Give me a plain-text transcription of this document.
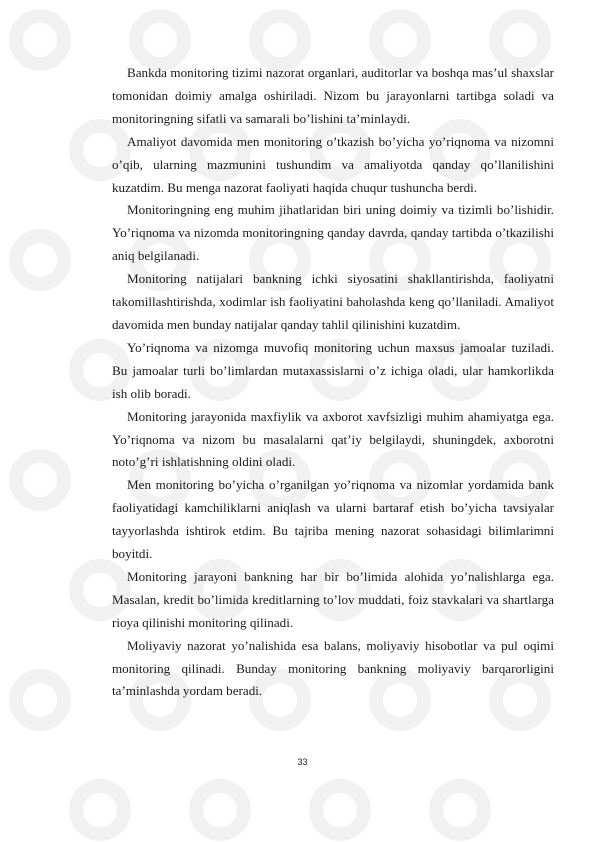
Bankda monitoring tizimi nazorat organlari, auditorlar va boshqa mas’ul shaxslar tomonidan doimiy amalga oshiriladi. Nizom bu jarayonlarni tartibga soladi va monitoringning sifatli va samarali bo’lishini ta’minlaydi.

Amaliyot davomida men monitoring o’tkazish bo’yicha yo’riqnoma va nizomni o’qib, ularning mazmunini tushundim va amaliyotda qanday qo’llanilishini kuzatdim. Bu menga nazorat faoliyati haqida chuqur tushuncha berdi.

Monitoringning eng muhim jihatlaridan biri uning doimiy va tizimli bo’lishidir. Yo’riqnoma va nizomda monitoringning qanday davrda, qanday tartibda o’tkazilishi aniq belgilanadi.

Monitoring natijalari bankning ichki siyosatini shakllantirishda, faoliyatni takomillashtirishda, xodimlar ish faoliyatini baholashda keng qo’llaniladi. Amaliyot davomida men bunday natijalar qanday tahlil qilinishini kuzatdim.

Yo’riqnoma va nizomga muvofiq monitoring uchun maxsus jamoalar tuziladi. Bu jamoalar turli bo’limlardan mutaxassislarni o’z ichiga oladi, ular hamkorlikda ish olib boradi.

Monitoring jarayonida maxfiylik va axborot xavfsizligi muhim ahamiyatga ega. Yo’riqnoma va nizom bu masalalarni qat’iy belgilaydi, shuningdek, axborotni noto’g’ri ishlatishning oldini oladi.

Men monitoring bo’yicha o’rganilgan yo’riqnoma va nizomlar yordamida bank faoliyatidagi kamchiliklarni aniqlash va ularni bartaraf etish bo’yicha tavsiyalar tayyorlashda ishtirok etdim. Bu tajriba mening nazorat sohasidagi bilimlarimni boyitdi.

Monitoring jarayoni bankning har bir bo’limida alohida yo’nalishlarga ega. Masalan, kredit bo’limida kreditlarning to’lov muddati, foiz stavkalari va shartlarga rioya qilinishi monitoring qilinadi.

Moliyaviy nazorat yo’nalishida esa balans, moliyaviy hisobotlar va pul oqimi monitoring qilinadi. Bunday monitoring bankning moliyaviy barqarorligini ta’minlashda yordam beradi.

33
